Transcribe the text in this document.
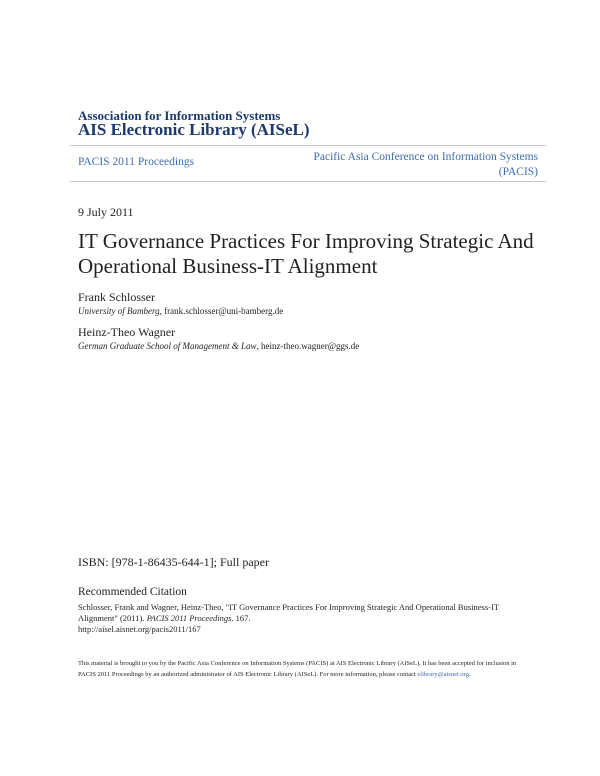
Association for Information Systems
AIS Electronic Library (AISeL)
PACIS 2011 Proceedings	Pacific Asia Conference on Information Systems
(PACIS)
9 July 2011
IT Governance Practices For Improving Strategic And Operational Business-IT Alignment
Frank Schlosser
University of Bamberg, frank.schlosser@uni-bamberg.de
Heinz-Theo Wagner
German Graduate School of Management & Law, heinz-theo.wagner@ggs.de
ISBN: [978-1-86435-644-1]; Full paper
Recommended Citation
Schlosser, Frank and Wagner, Heinz-Theo, "IT Governance Practices For Improving Strategic And Operational Business-IT Alignment" (2011). PACIS 2011 Proceedings. 167.
http://aisel.aisnet.org/pacis2011/167
This material is brought to you by the Pacific Asia Conference on Information Systems (PACIS) at AIS Electronic Library (AISeL). It has been accepted for inclusion in PACIS 2011 Proceedings by an authorized administrator of AIS Electronic Library (AISeL). For more information, please contact elibrary@aisnet.org.
